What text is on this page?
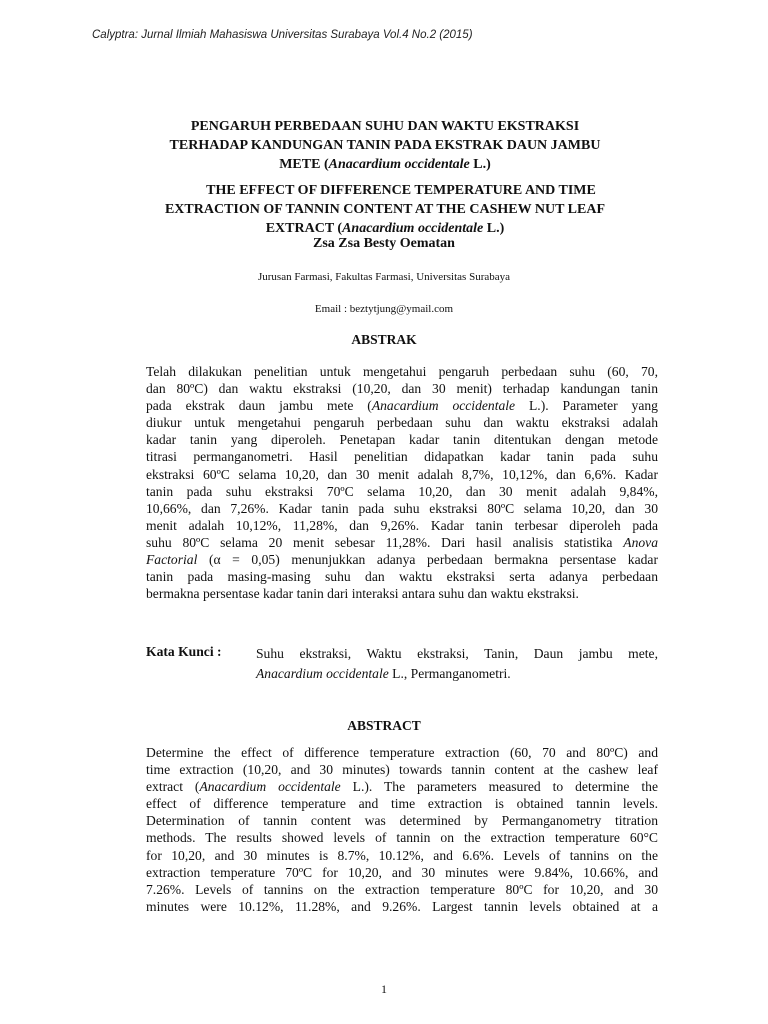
Calyptra: Jurnal Ilmiah Mahasiswa Universitas Surabaya Vol.4 No.2 (2015)
PENGARUH PERBEDAAN SUHU DAN WAKTU EKSTRAKSI
TERHADAP KANDUNGAN TANIN PADA EKSTRAK DAUN JAMBU
METE (Anacardium occidentale L.)
THE EFFECT OF DIFFERENCE TEMPERATURE AND TIME
EXTRACTION OF TANNIN CONTENT AT THE CASHEW NUT LEAF
EXTRACT (Anacardium occidentale L.)
Zsa Zsa Besty Oematan
Jurusan Farmasi, Fakultas Farmasi, Universitas Surabaya
Email : beztytjung@ymail.com
ABSTRAK
Telah dilakukan penelitian untuk mengetahui pengaruh perbedaan suhu (60, 70,
dan 80ºC) dan waktu ekstraksi (10,20, dan 30 menit) terhadap kandungan tanin
pada ekstrak daun jambu mete (Anacardium occidentale L.). Parameter yang
diukur untuk mengetahui pengaruh perbedaan suhu dan waktu ekstraksi adalah
kadar tanin yang diperoleh. Penetapan kadar tanin ditentukan dengan metode
titrasi permanganometri. Hasil penelitian didapatkan kadar tanin pada suhu
ekstraksi 60ºC selama 10,20, dan 30 menit adalah 8,7%, 10,12%, dan 6,6%. Kadar
tanin pada suhu ekstraksi 70ºC selama 10,20, dan 30 menit adalah 9,84%,
10,66%, dan 7,26%. Kadar tanin pada suhu ekstraksi 80ºC selama 10,20, dan 30
menit adalah 10,12%, 11,28%, dan 9,26%. Kadar tanin terbesar diperoleh pada
suhu 80ºC selama 20 menit sebesar 11,28%. Dari hasil analisis statistika Anova
Factorial (α = 0,05) menunjukkan adanya perbedaan bermakna persentase kadar
tanin pada masing-masing suhu dan waktu ekstraksi serta adanya perbedaan
bermakna persentase kadar tanin dari interaksi antara suhu dan waktu ekstraksi.
Kata Kunci :	Suhu ekstraksi, Waktu ekstraksi, Tanin, Daun jambu mete,
Anacardium occidentale L., Permanganometri.
ABSTRACT
Determine the effect of difference temperature extraction (60, 70 and 80ºC) and
time extraction (10,20, and 30 minutes) towards tannin content at the cashew leaf
extract (Anacardium occidentale L.). The parameters measured to determine the
effect of difference temperature and time extraction is obtained tannin levels.
Determination of tannin content was determined by Permanganometry titration
methods. The results showed levels of tannin on the extraction temperature 60°C
for 10,20, and 30 minutes is 8.7%, 10.12%, and 6.6%. Levels of tannins on the
extraction temperature 70ºC for 10,20, and 30 minutes were 9.84%, 10.66%, and
7.26%. Levels of tannins on the extraction temperature 80ºC for 10,20, and 30
minutes were 10.12%, 11.28%, and 9.26%. Largest tannin levels obtained at a
1
